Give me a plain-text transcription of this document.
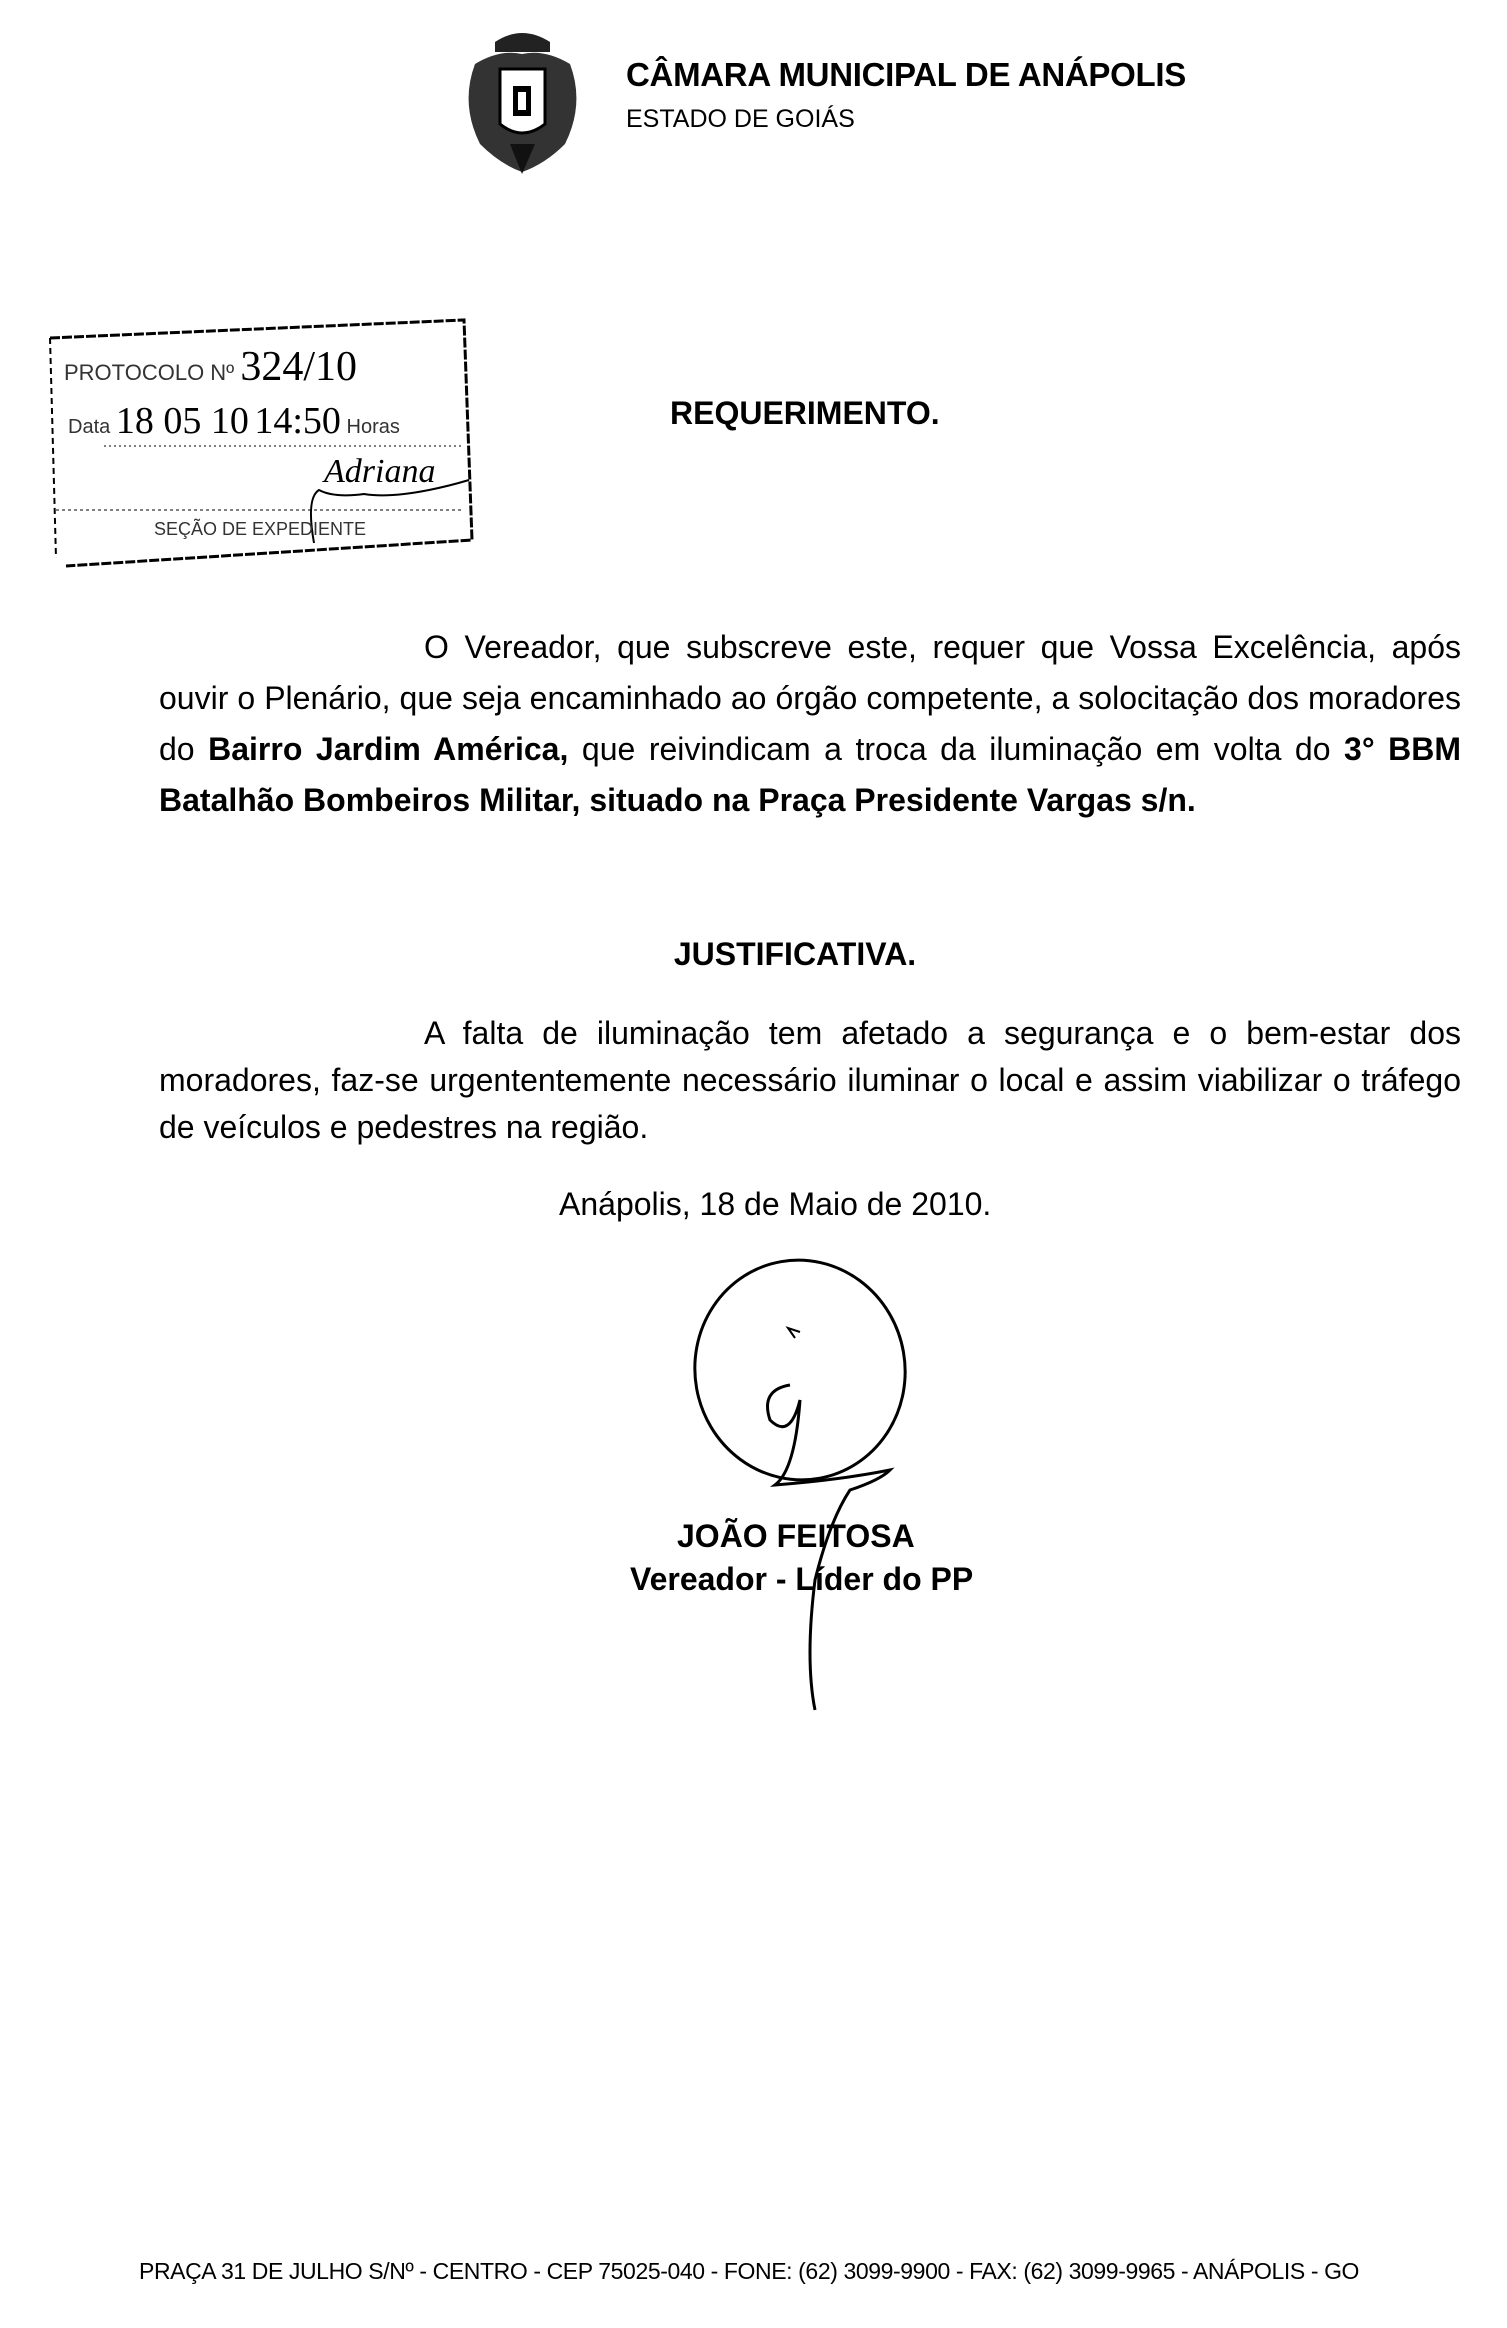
CÂMARA MUNICIPAL DE ANÁPOLIS
ESTADO DE GOIÁS
PROTOCOLO Nº 324/10
Data 18 05 10 14:50 Horas
Adriana
SEÇÃO DE EXPEDIENTE
REQUERIMENTO.
O Vereador, que subscreve este, requer que Vossa Excelência, após ouvir o Plenário, que seja encaminhado ao órgão competente, a solocitação dos moradores do Bairro Jardim América, que reivindicam a troca da iluminação em volta do 3° BBM Batalhão Bombeiros Militar, situado na Praça Presidente Vargas s/n.
JUSTIFICATIVA.
A falta de iluminação tem afetado a segurança e o bem-estar dos moradores, faz-se urgententemente necessário iluminar o local e assim viabilizar o tráfego de veículos e pedestres na região.
Anápolis, 18 de Maio de 2010.
JOÃO FEITOSA
Vereador - Líder do PP
PRAÇA 31 DE JULHO S/Nº - CENTRO - CEP 75025-040 - FONE: (62) 3099-9900 - FAX: (62) 3099-9965 - ANÁPOLIS - GO
